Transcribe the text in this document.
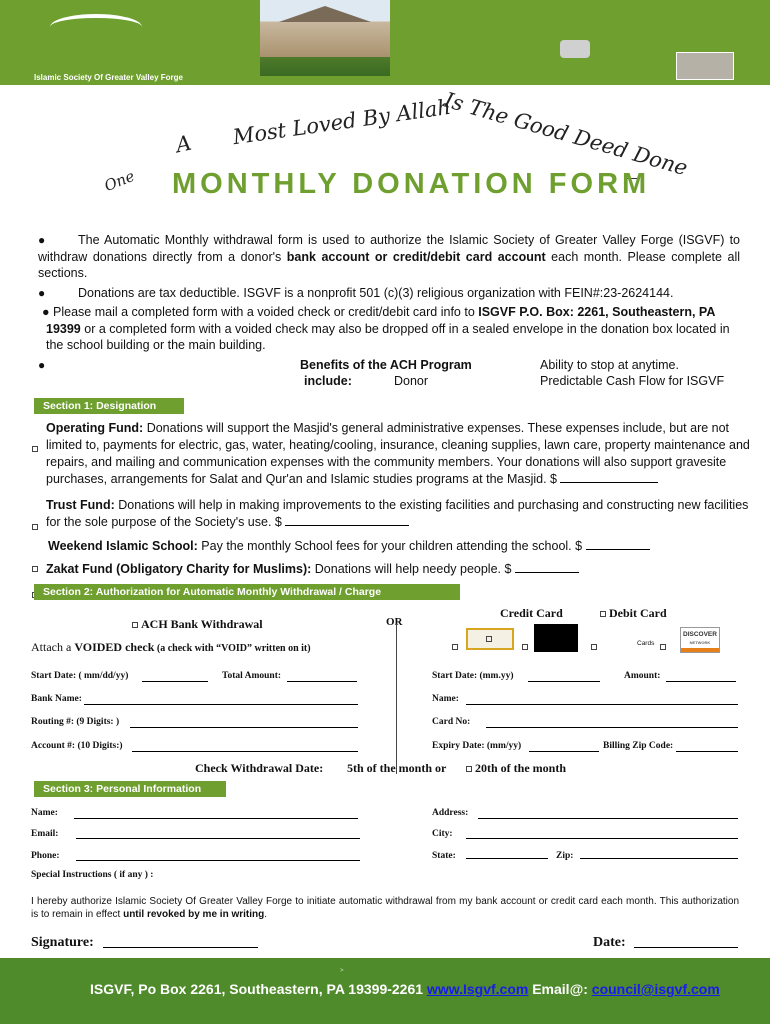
Islamic Society Of Greater Valley Forge
A Most Loved By Allah
Is The Good Deed Done
One MONTHLY DONATION FORM
●	The Automatic Monthly withdrawal form is used to authorize the Islamic Society of Greater Valley Forge (ISGVF) to withdraw donations directly from a donor's bank account or credit/debit card account each month. Please complete all sections.
●	Donations are tax deductible. ISGVF is a nonprofit 501 (c)(3) religious organization with FEIN#:23-2624144.
● Please mail a completed form with a voided check or credit/debit card info to ISGVF P.O. Box: 2261, Southeastern, PA 19399 or a completed form with a voided check may also be dropped off in a sealed envelope in the donation box located in the school building or the main building.
●	Benefits of the ACH Program
include:	Donor
Ability to stop at anytime.
Predictable Cash Flow for ISGVF
Section 1: Designation
Operating Fund: Donations will support the Masjid's general administrative expenses. These expenses include, but are not limited to, payments for electric, gas, water, heating/cooling, insurance, cleaning supplies, lawn care, property maintenance and repairs, and mailing and communication expenses with the community members. Your donations will also support gravesite purchases, arrangements for Salat and Qur'an and Islamic studies programs at the Masjid. $
Trust Fund: Donations will help in making improvements to the existing facilities and purchasing and constructing new facilities for the sole purpose of the Society's use. $
Weekend Islamic School: Pay the monthly School fees for your children attending the school. $
Zakat Fund (Obligatory Charity for Muslims): Donations will help needy people. $
Section 2: Authorization for Automatic Monthly Withdrawal / Charge
ACH Bank Withdrawal	OR
Credit Card	Debit Card
Attach a VOIDED check (a check with “VOID” written on it)	Cards
DISCOVER
NETWORK
Start Date: ( mm/dd/yy)	Total Amount:
Bank Name:
Routing #: (9 Digits: )
Account #: (10 Digits:)
Start Date: (mm.yy)	Amount:
Name:
Card No:
Expiry Date: (mm/yy)	Billing Zip Code:
Check Withdrawal Date: 5th of the month or	20th of the month
Section 3: Personal Information
Name:	Address:
Email:	City:
Phone:	State:	Zip:
Special Instructions ( if any ) :
I hereby authorize Islamic Society Of Greater Valley Forge to initiate automatic withdrawal from my bank account or credit card each month. This authorization is to remain in effect until revoked by me in writing.
Signature:	Date:
>
ISGVF, Po Box 2261, Southeastern, PA 19399-2261 www.Isgvf.com Email@: council@isgvf.com
